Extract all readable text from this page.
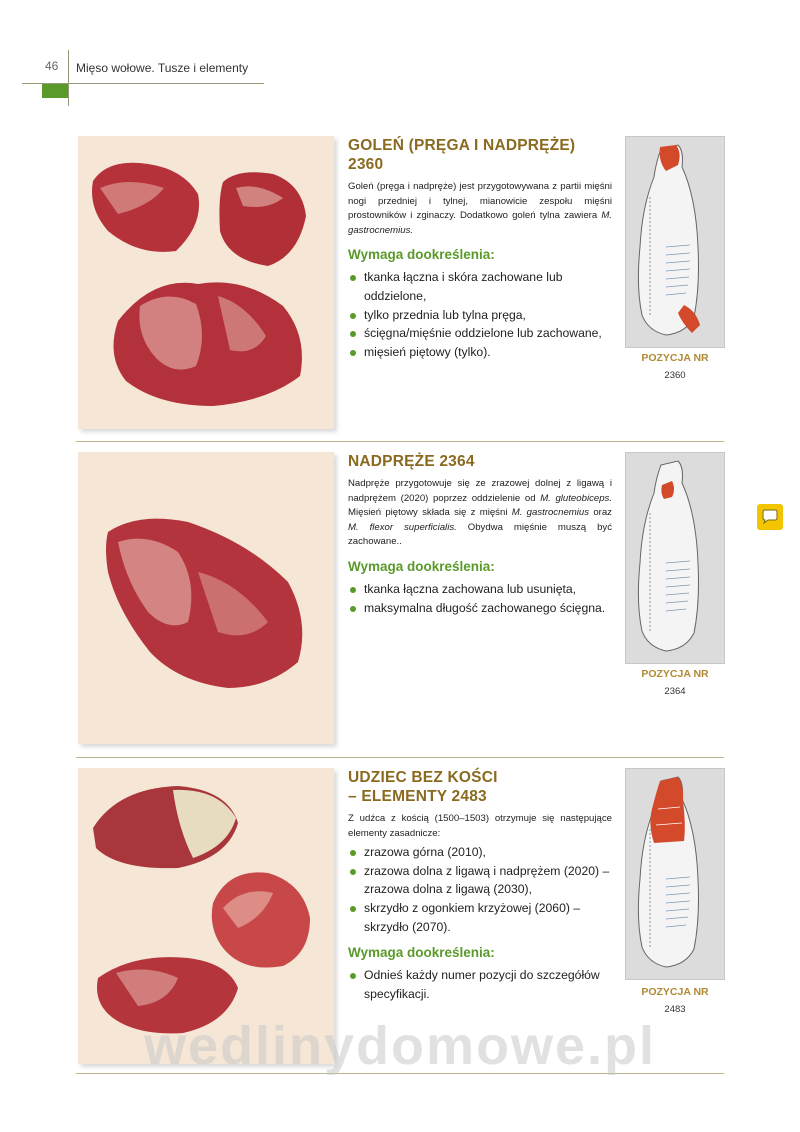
46 Mięso wołowe. Tusze i elementy
GOLEŃ (PRĘGA I NADPRĘŻE) 2360
Goleń (pręga i nadpręże) jest przygotowywana z partii mięśni nogi przedniej i tylnej, mianowicie zespołu mięśni prostowników i zginaczy. Dodatkowo goleń tylna zawiera M. gastrocnemius.
Wymaga dookreślenia:
tkanka łączna i skóra zachowane lub oddzielone,
tylko przednia lub tylna pręga,
ścięgna/mięśnie oddzielone lub zachowane,
mięsień piętowy (tylko).	POZYCJA NR
2360
NADPRĘŻE 2364
Nadpręże przygotowuje się ze zrazowej dolnej z ligawą i nadprężem (2020) poprzez oddzielenie od M. gluteobiceps. Mięsień piętowy składa się z mięśni M. gastrocnemius oraz M. flexor superficialis. Obydwa mięśnie muszą być zachowane..
Wymaga dookreślenia:
tkanka łączna zachowana lub usunięta,
maksymalna długość zachowanego ścięgna.
POZYCJA NR
2364
UDZIEC BEZ KOŚCI
– ELEMENTY 2483
Z udźca z kością (1500–1503) otrzymuje się następujące elementy zasadnicze:
zrazowa górna (2010),
zrazowa dolna z ligawą i nadprężem (2020) – zrazowa dolna z ligawą (2030),
skrzydło z ogonkiem krzyżowej (2060) – skrzydło (2070).
Wymaga dookreślenia:
Odnieś każdy numer pozycji do szczegółów specyfikacji.	POZYCJA NR
2483
wedlinydomowe.pl
